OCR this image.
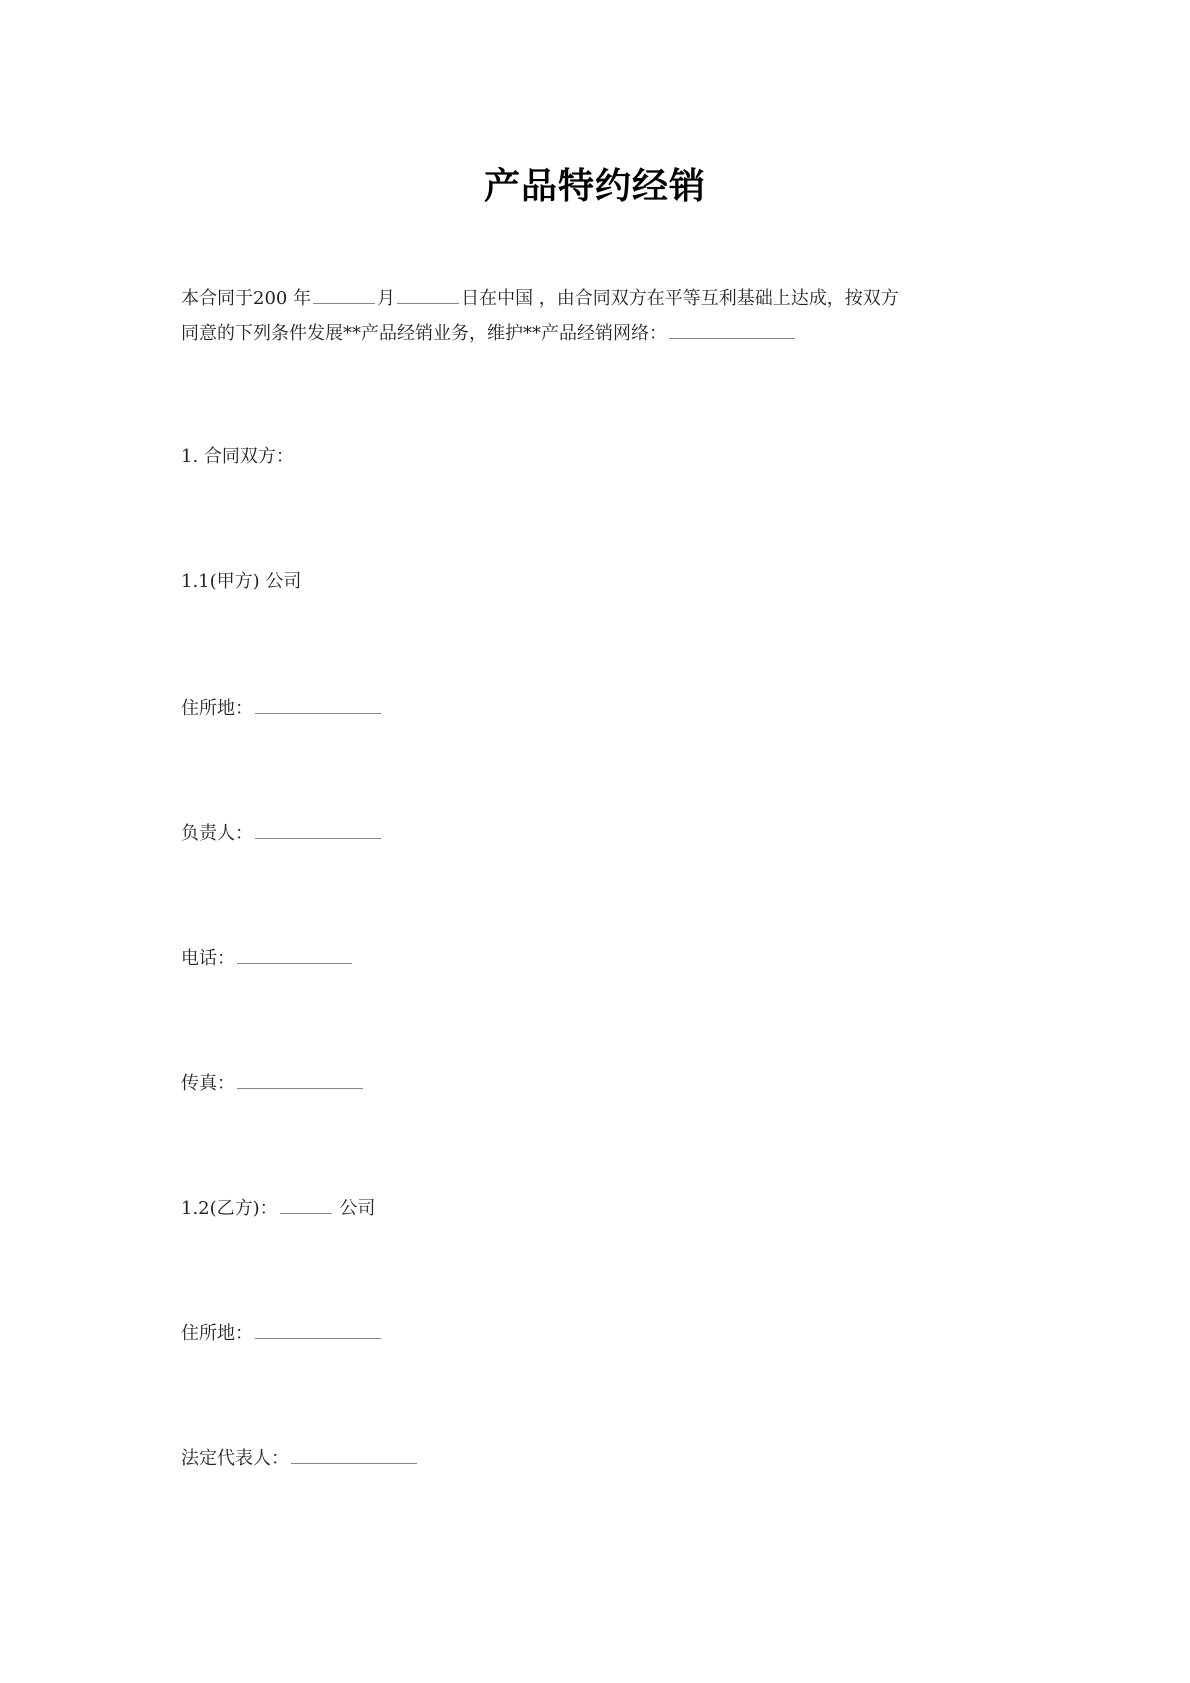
产品特约经销
本合同于200 年	月	日在中国 ，由合同双方在平等互利基础上达成，按双方
同意的下列条件发展**产品经销业务，维护**产品经销网络：
1. 合同双方：
1.1(甲方) 公司
住所地：
负责人：
电话：
传真：
1.2(乙方)：	公司
住所地：
法定代表人：
